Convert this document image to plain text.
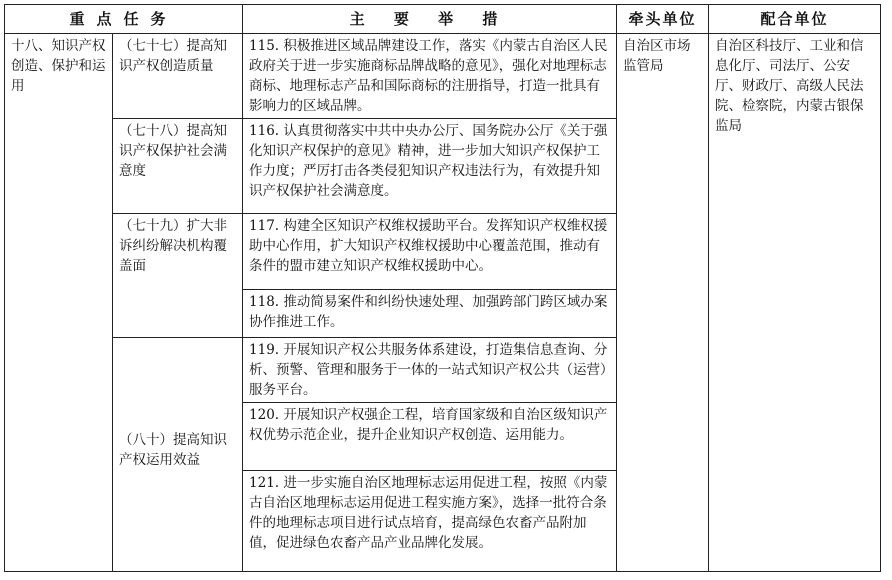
重点任务		主 要 举 措	牵头单位	配合单位
十八、知识产权创造、保护和运用	（七十七）提高知识产权创造质量	115. 积极推进区域品牌建设工作，落实《内蒙古自治区人民政府关于进一步实施商标品牌战略的意见》，强化对地理标志商标、地理标志产品和国际商标的注册指导，打造一批具有影响力的区域品牌。	自治区市场监管局	自治区科技厅、工业和信息化厅、司法厅、公安厅、财政厅、高级人民法院、检察院，内蒙古银保监局
	（七十八）提高知识产权保护社会满意度	116. 认真贯彻落实中共中央办公厅、国务院办公厅《关于强化知识产权保护的意见》精神，进一步加大知识产权保护工作力度；严厉打击各类侵犯知识产权违法行为，有效提升知识产权保护社会满意度。		
	（七十九）扩大非诉纠纷解决机构覆盖面	117. 构建全区知识产权维权援助平台。发挥知识产权维权援助中心作用，扩大知识产权维权援助中心覆盖范围，推动有条件的盟市建立知识产权维权援助中心。		
		118. 推动简易案件和纠纷快速处理、加强跨部门跨区域办案协作推进工作。		
	（八十）提高知识产权运用效益	119. 开展知识产权公共服务体系建设，打造集信息查询、分析、预警、管理和服务于一体的一站式知识产权公共（运营）服务平台。		
		120. 开展知识产权强企工程，培育国家级和自治区级知识产权优势示范企业，提升企业知识产权创造、运用能力。		
		121. 进一步实施自治区地理标志运用促进工程，按照《内蒙古自治区地理标志运用促进工程实施方案》，选择一批符合条件的地理标志项目进行试点培育，提高绿色农畜产品附加值，促进绿色农畜产品产业品牌化发展。		
